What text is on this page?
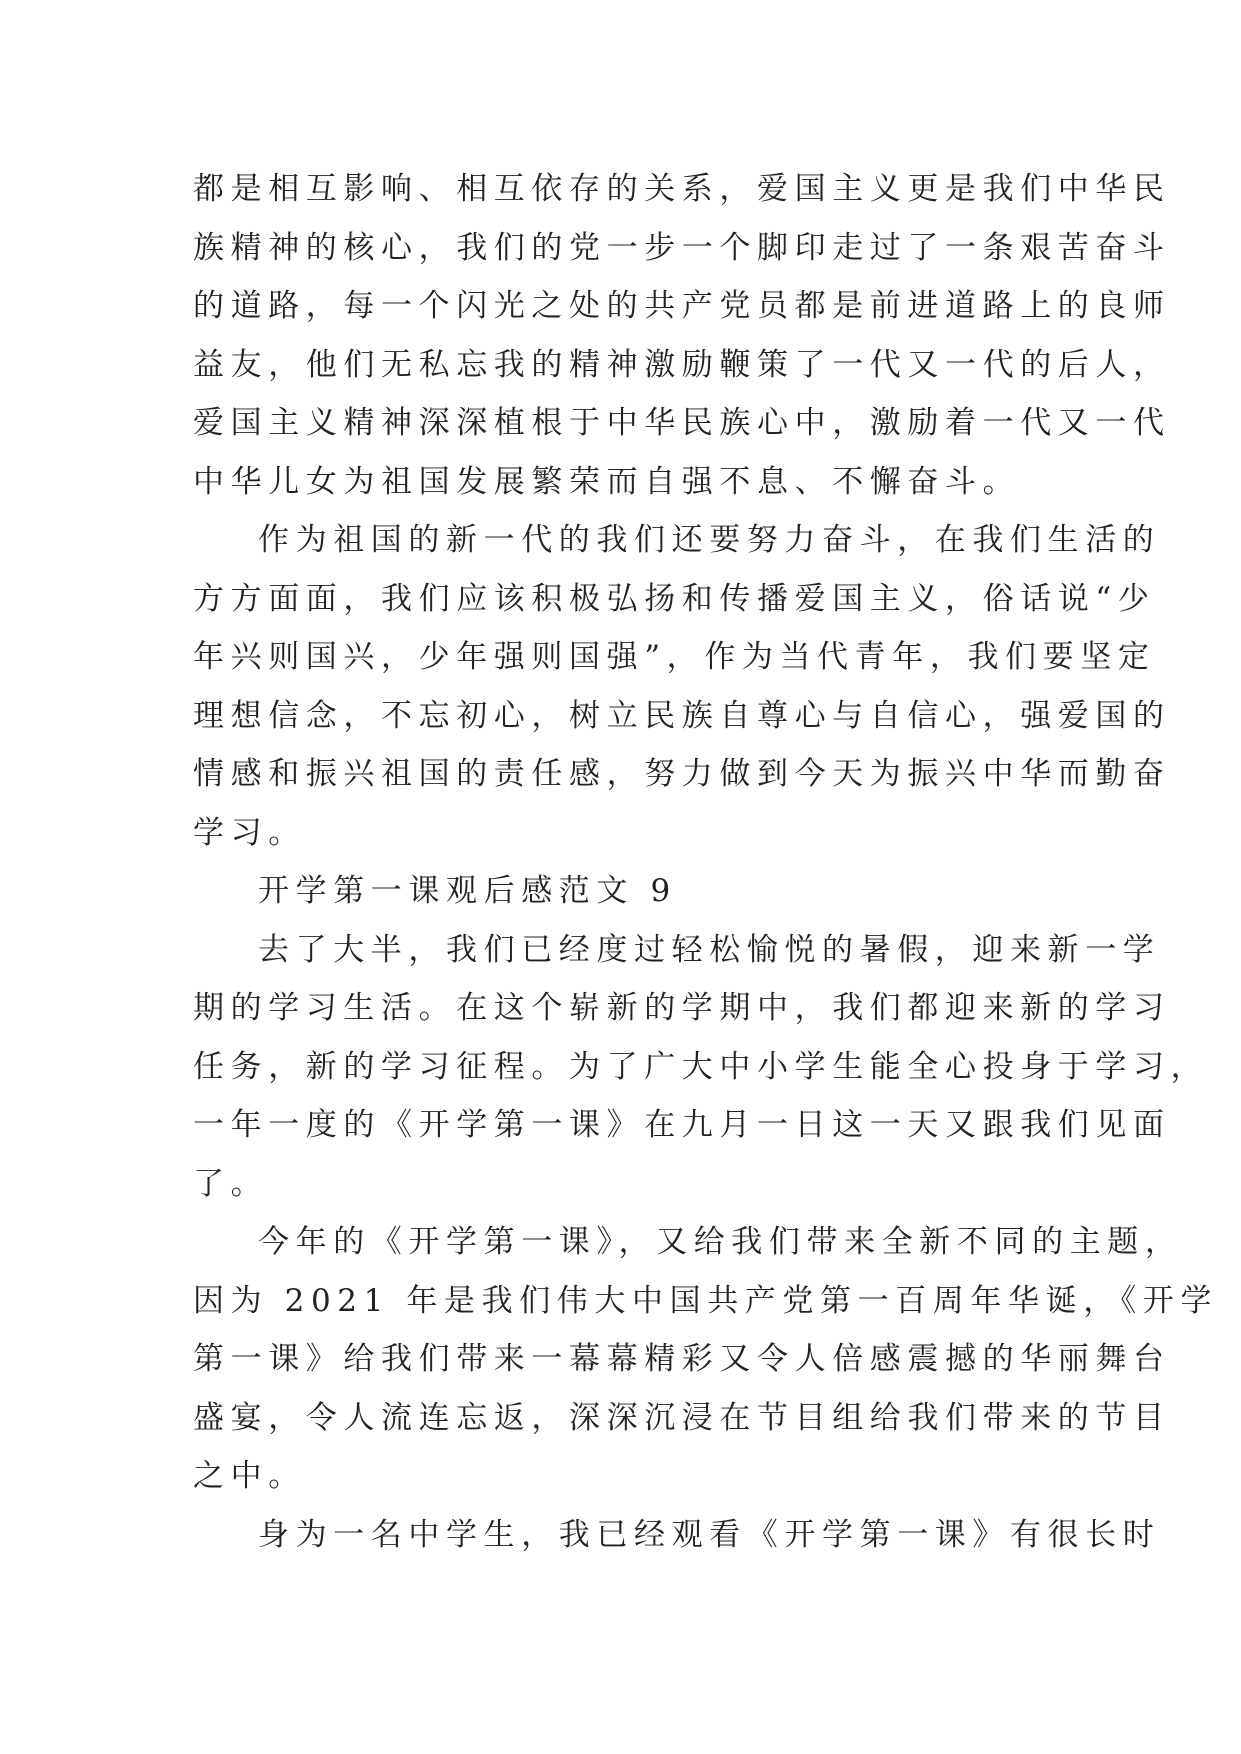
都是相互影响、相互依存的关系，爱国主义更是我们中华民

族精神的核心，我们的党一步一个脚印走过了一条艰苦奋斗

的道路，每一个闪光之处的共产党员都是前进道路上的良师

益友，他们无私忘我的精神激励鞭策了一代又一代的后人，

爱国主义精神深深植根于中华民族心中，激励着一代又一代

中华儿女为祖国发展繁荣而自强不息、不懈奋斗。

作为祖国的新一代的我们还要努力奋斗，在我们生活的

方方面面，我们应该积极弘扬和传播爱国主义，俗话说“少

年兴则国兴，少年强则国强”，作为当代青年，我们要坚定

理想信念，不忘初心，树立民族自尊心与自信心，强爱国的

情感和振兴祖国的责任感，努力做到今天为振兴中华而勤奋

学习。

开学第一课观后感范文 9

去了大半，我们已经度过轻松愉悦的暑假，迎来新一学

期的学习生活。在这个崭新的学期中，我们都迎来新的学习

任务，新的学习征程。为了广大中小学生能全心投身于学习，

一年一度的《开学第一课》在九月一日这一天又跟我们见面

了。

今年的《开学第一课》，又给我们带来全新不同的主题，

因为 2021 年是我们伟大中国共产党第一百周年华诞，《开学

第一课》给我们带来一幕幕精彩又令人倍感震撼的华丽舞台

盛宴，令人流连忘返，深深沉浸在节目组给我们带来的节目

之中。

身为一名中学生，我已经观看《开学第一课》有很长时
